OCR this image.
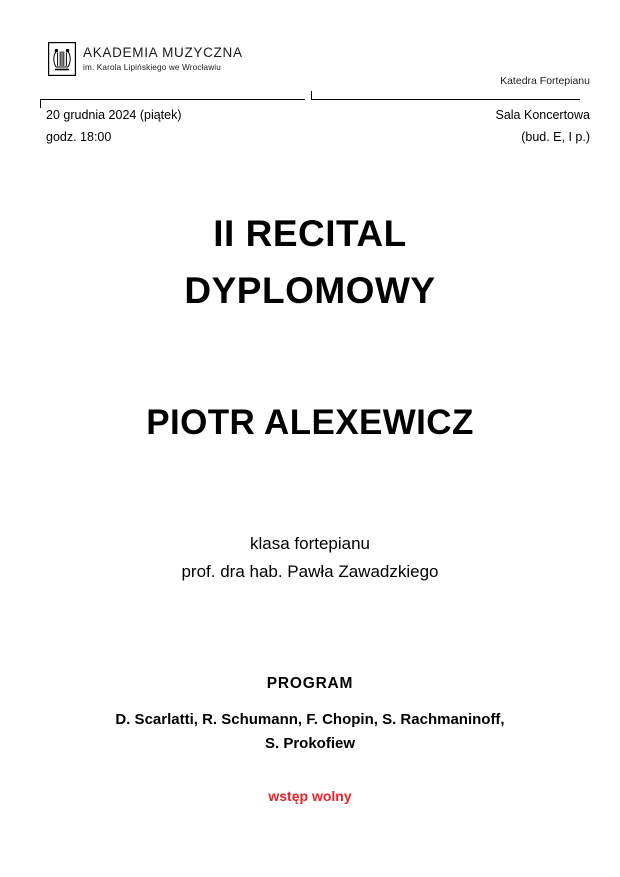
AKADEMIA MUZYCZNA
im. Karola Lipińskiego we Wrocławiu
Katedra Fortepianu
20 grudnia 2024 (piątek)
godz. 18:00
Sala Koncertowa
(bud. E, I p.)
II RECITAL
DYPLOMOWY
PIOTR ALEXEWICZ
klasa fortepianu
prof. dra hab. Pawła Zawadzkiego
PROGRAM
D. Scarlatti, R. Schumann, F. Chopin, S. Rachmaninoff,
S. Prokofiew
wstęp wolny
